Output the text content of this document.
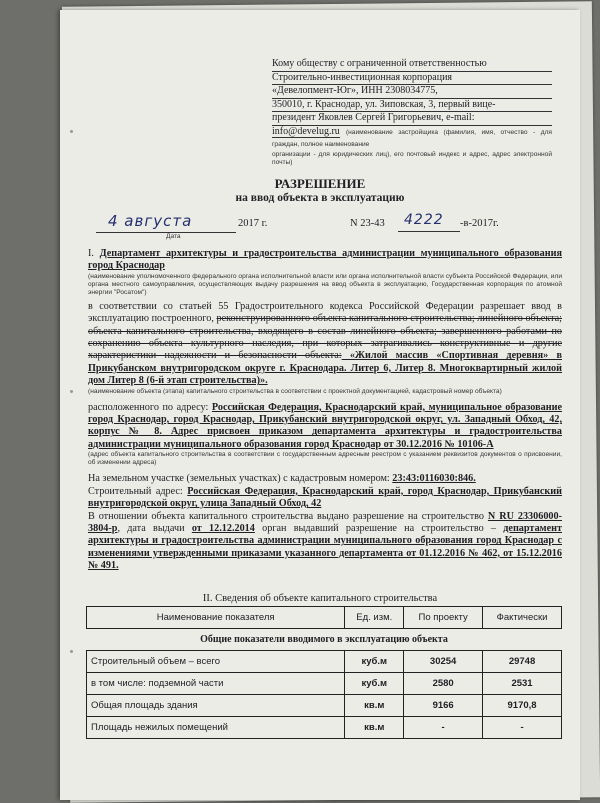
Кому обществу с ограниченной ответственностью
Строительно-инвестиционная корпорация
«Девелопмент-Юг», ИНН 2308034775,
350010, г. Краснодар, ул. Зиповская, 3, первый вице-
президент Яковлев Сергей Григорьевич, e-mail:
info@develug.ru (наименование застройщика (фамилия, имя, отчество - для граждан, полное наименование
организации - для юридических лиц), его почтовый индекс и адрес, адрес электронной почты)
РАЗРЕШЕНИЕ
на ввод объекта в эксплуатацию
4 августа	2017 г.
Дата
N 23-43 4222 -в-2017г.
I. Департамент архитектуры и градостроительства администрации муниципального образования город Краснодар
(наименование уполномоченного федерального органа исполнительной власти или органа исполнительной власти субъекта Российской Федерации, или органа местного самоуправления, осуществляющих выдачу разрешения на ввод объекта в эксплуатацию, Государственная корпорация по атомной энергии "Росатом")
в соответствии со статьей 55 Градостроительного кодекса Российской Федерации разрешает ввод в эксплуатацию построенного, реконструированного объекта капитального строительства; линейного объекта; объекта капитального строительства, входящего в состав линейного объекта; завершенного работами по сохранению объекта культурного наследия, при которых затрагивались конструктивные и другие характеристики надежности и безопасности объекта: «Жилой массив «Спортивная деревня» в Прикубанском внутригородском округе г. Краснодара. Литер 6, Литер 8. Многоквартирный жилой дом Литер 8 (6-й этап строительства)».
(наименование объекта (этапа) капитального строительства в соответствии с проектной документацией, кадастровый номер объекта)
расположенного по адресу: Российская Федерация, Краснодарский край, муниципальное образование город Краснодар, город Краснодар, Прикубанский внутригородской округ, ул. Западный Обход, 42, корпус № 8. Адрес присвоен приказом департамента архитектуры и градостроительства администрации муниципального образования город Краснодар от 30.12.2016 № 10106-А
(адрес объекта капитального строительства в соответствии с государственным адресным реестром с указанием реквизитов документов о присвоении, об изменении адреса)
На земельном участке (земельных участках) с кадастровым номером: 23:43:0116030:846.
Строительный адрес: Российская Федерация, Краснодарский край, город Краснодар, Прикубанский внутригородской округ, улица Западный Обход, 42
В отношении объекта капитального строительства выдано разрешение на строительство N RU 23306000-3804-р, дата выдачи от 12.12.2014 орган выдавший разрешение на строительство – департамент архитектуры и градостроительства администрации муниципального образования город Краснодар с изменениями утвержденными приказами указанного департамента от 01.12.2016 № 462, от 15.12.2016 № 491.
II. Сведения об объекте капитального строительства
Наименование показателя	Ед. изм.	По проекту	Фактически
Общие показатели вводимого в эксплуатацию объекта			
Строительный объем – всего	куб.м	30254	29748
в том числе: подземной части	куб.м	2580	2531
Общая площадь здания	кв.м	9166	9170,8
Площадь нежилых помещений	кв.м	-	-
